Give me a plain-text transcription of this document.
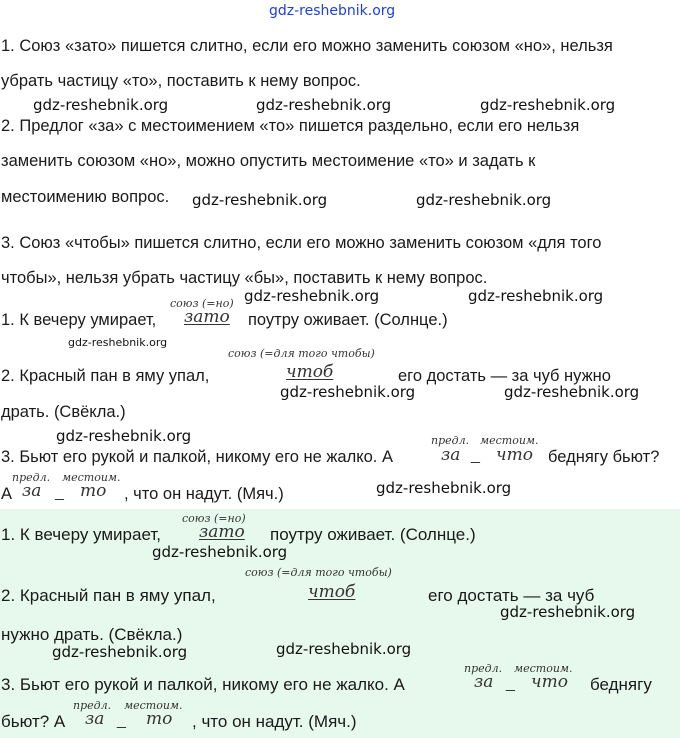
gdz-reshebnik.org
1. Союз «зато» пишется слитно, если его можно заменить союзом «но», нельзя
убрать частицу «то», поставить к нему вопрос.
gdz-reshebnik.org	gdz-reshebnik.org	gdz-reshebnik.org
2. Предлог «за» с местоимением «то» пишется раздельно, если его нельзя
заменить союзом «но», можно опустить местоимение «то» и задать к
местоимению вопрос. gdz-reshebnik.org	gdz-reshebnik.org
3. Союз «чтобы» пишется слитно, если его можно заменить союзом «для того
чтобы», нельзя убрать частицу «бы», поставить к нему вопрос.
gdz-reshebnik.org	gdz-reshebnik.org
союз (=но)
1. К вечеру умирает, зато поутру оживает. (Солнце.)
gdz-reshebnik.org
союз (=для того чтобы)
2. Красный пан в яму упал,	чтоб	его достать — за чуб нужно
gdz-reshebnik.org	gdz-reshebnik.org
драть. (Свёкла.)
gdz-reshebnik.org	предл. местоим.
3. Бьют его рукой и палкой, никому его не жалко. А	за _ что беднягу бьют?
предл. местоим.
А за _ то , что он надут. (Мяч.)	gdz-reshebnik.org
союз (=но)
1. К вечеру умирает, зато поутру оживает. (Солнце.)
gdz-reshebnik.org
союз (=для того чтобы)
2. Красный пан в яму упал,	чтоб	его достать — за чуб
gdz-reshebnik.org
нужно драть. (Свёкла.)
gdz-reshebnik.org	gdz-reshebnik.org
предл. местоим.
3. Бьют его рукой и палкой, никому его не жалко. А	за _ что беднягу
предл. местоим.
бьют? А за _ то , что он надут. (Мяч.)
